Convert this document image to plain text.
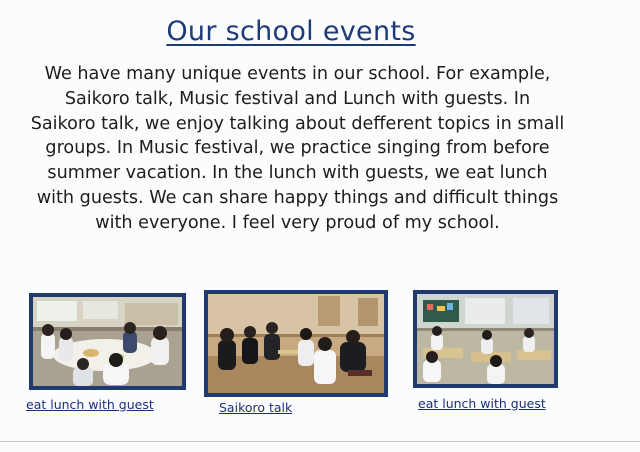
Our school events

We have many unique events in our school. For example, Saikoro talk, Music festival and Lunch with guests. In Saikoro talk, we enjoy talking about defferent topics in small groups. In Music festival, we practice singing from before summer vacation. In the lunch with guests, we eat lunch with guests. We can share happy things and difficult things with everyone. I feel very proud of my school.

eat lunch with guest	Saikoro talk	eat lunch with guest
